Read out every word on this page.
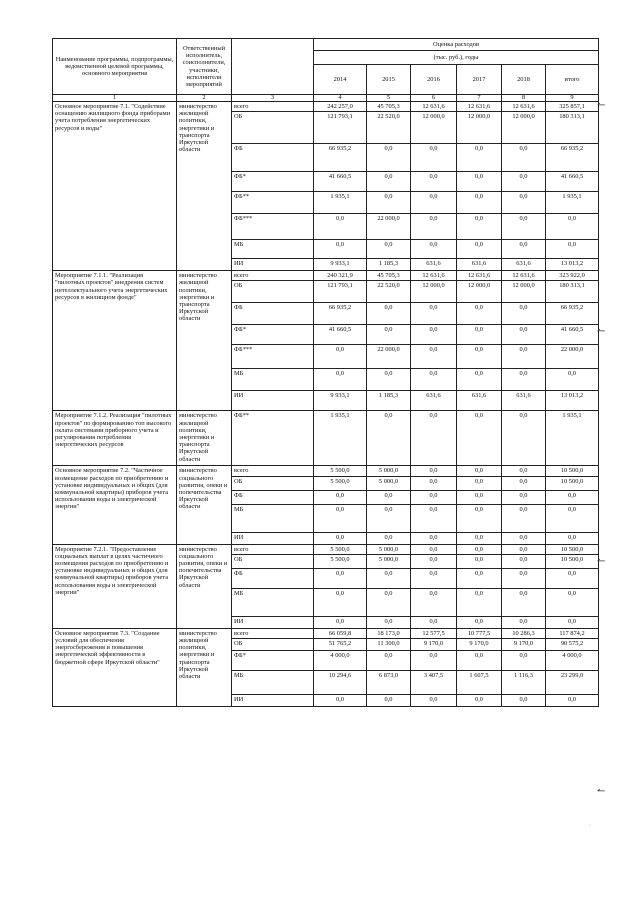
Наименование программы, подпрограммы, ведомственной целевой программы, основного мероприятия	Ответственный исполнитель, соисполнители, участники, исполнители мероприятий		Оценка расходов					
			(тыс. руб.), годы					
			2014	2015	2016	2017	2018	итого
1	2	3	4	5	6	7	8	9
Основное мероприятие 7.1. "Содействие оснащению жилищного фонда приборами учета потребления энергетических ресурсов и воды"	министерство жилищной политики, энергетики и транспорта Иркутской области	всего	242 257,0	45 705,3	12 631,6	12 631,6	12 631,6	325 857,1
		ОБ	121 793,1	22 520,0	12 000,0	12 000,0	12 000,0	180 313,1
		ФБ	66 935,2	0,0	0,0	0,0	0,0	66 935,2
		ФБ*	41 660,5	0,0	0,0	0,0	0,0	41 660,5
		ФБ**	1 935,1	0,0	0,0	0,0	0,0	1 935,1
		ФБ***	0,0	22 000,0	0,0	0,0	0,0	0,0
		МБ	0,0	0,0	0,0	0,0	0,0	0,0
		ИИ	9 933,1	1 185,3	631,6	631,6	631,6	13 013,2
Мероприятие 7.1.1. "Реализация "пилотных проектов" внедрения систем интеллектуального учета энергетических ресурсов в жилищном фонде"	министерство жилищной политики, энергетики и транспорта Иркутской области	всего	240 321,9	45 705,3	12 631,6	12 631,6	12 631,6	323 922,0
		ОБ	121 793,1	22 520,0	12 000,0	12 000,0	12 000,0	180 313,1
		ФБ	66 935,2	0,0	0,0	0,0	0,0	66 935,2
		ФБ*	41 660,5	0,0	0,0	0,0	0,0	41 660,5
		ФБ***	0,0	22 000,0	0,0	0,0	0,0	22 000,0
		МБ	0,0	0,0	0,0	0,0	0,0	0,0
		ИИ	9 933,1	1 185,3	631,6	631,6	631,6	13 013,2
Мероприятие 7.1.2. Реализация "пилотных проектов" по формированию топ высокого оклата системами приборного учета и регулирования потребления энергетических ресурсов	министерство жилищной политики, энергетики и транспорта Иркутской области	ФБ**	1 935,1	0,0	0,0	0,0	0,0	1 935,1
Основное мероприятие 7.2. "Частичное возмещение расходов по приобретению и установке индивидуальных и общих (для коммунальной квартиры) приборов учета использования воды и электрической энергии"	министерство социального развития, опеки и попечительства Иркутской области	всего	5 500,0	5 000,0	0,0	0,0	0,0	10 500,0
		ОБ	5 500,0	5 000,0	0,0	0,0	0,0	10 500,0
		ФБ	0,0	0,0	0,0	0,0	0,0	0,0
		МБ	0,0	0,0	0,0	0,0	0,0	0,0
		ИИ	0,0	0,0	0,0	0,0	0,0	0,0
Мероприятие 7.2.1. "Предоставление социальных выплат в целях частичного возмещения расходов по приобретению и установке индивидуальных и общих (для коммунальной квартиры) приборов учета использования воды и электрической энергии"	министерство социального развития, опеки и попечительства Иркутской области	всего	5 500,0	5 000,0	0,0	0,0	0,0	10 500,0
		ОБ	5 500,0	5 000,0	0,0	0,0	0,0	10 500,0
		ФБ	0,0	0,0	0,0	0,0	0,0	0,0
		МБ	0,0	0,0	0,0	0,0	0,0	0,0
		ИИ	0,0	0,0	0,0	0,0	0,0	0,0
Основное мероприятие 7.3. "Создание условий для обеспечения энергосбережения и повышения энергетической эффективности в бюджетной сфере Иркутской области"	министерство жилищной политики, энергетики и транспорта Иркутской области	всего	66 059,8	18 173,0	12 577,5	10 777,5	10 286,3	117 874,2
		ОБ	51 765,2	11 300,0	9 170,0	9 170,0	9 170,0	90 575,2
		ФБ*	4 000,0	0,0	0,0	0,0	0,0	4 000,0
		МБ	10 294,6	6 873,0	3 407,5	1 607,5	1 116,3	23 299,0
		ИИ	0,0	0,0	0,0	0,0	0,0	0,0
↼
↼
↼
↼
·
